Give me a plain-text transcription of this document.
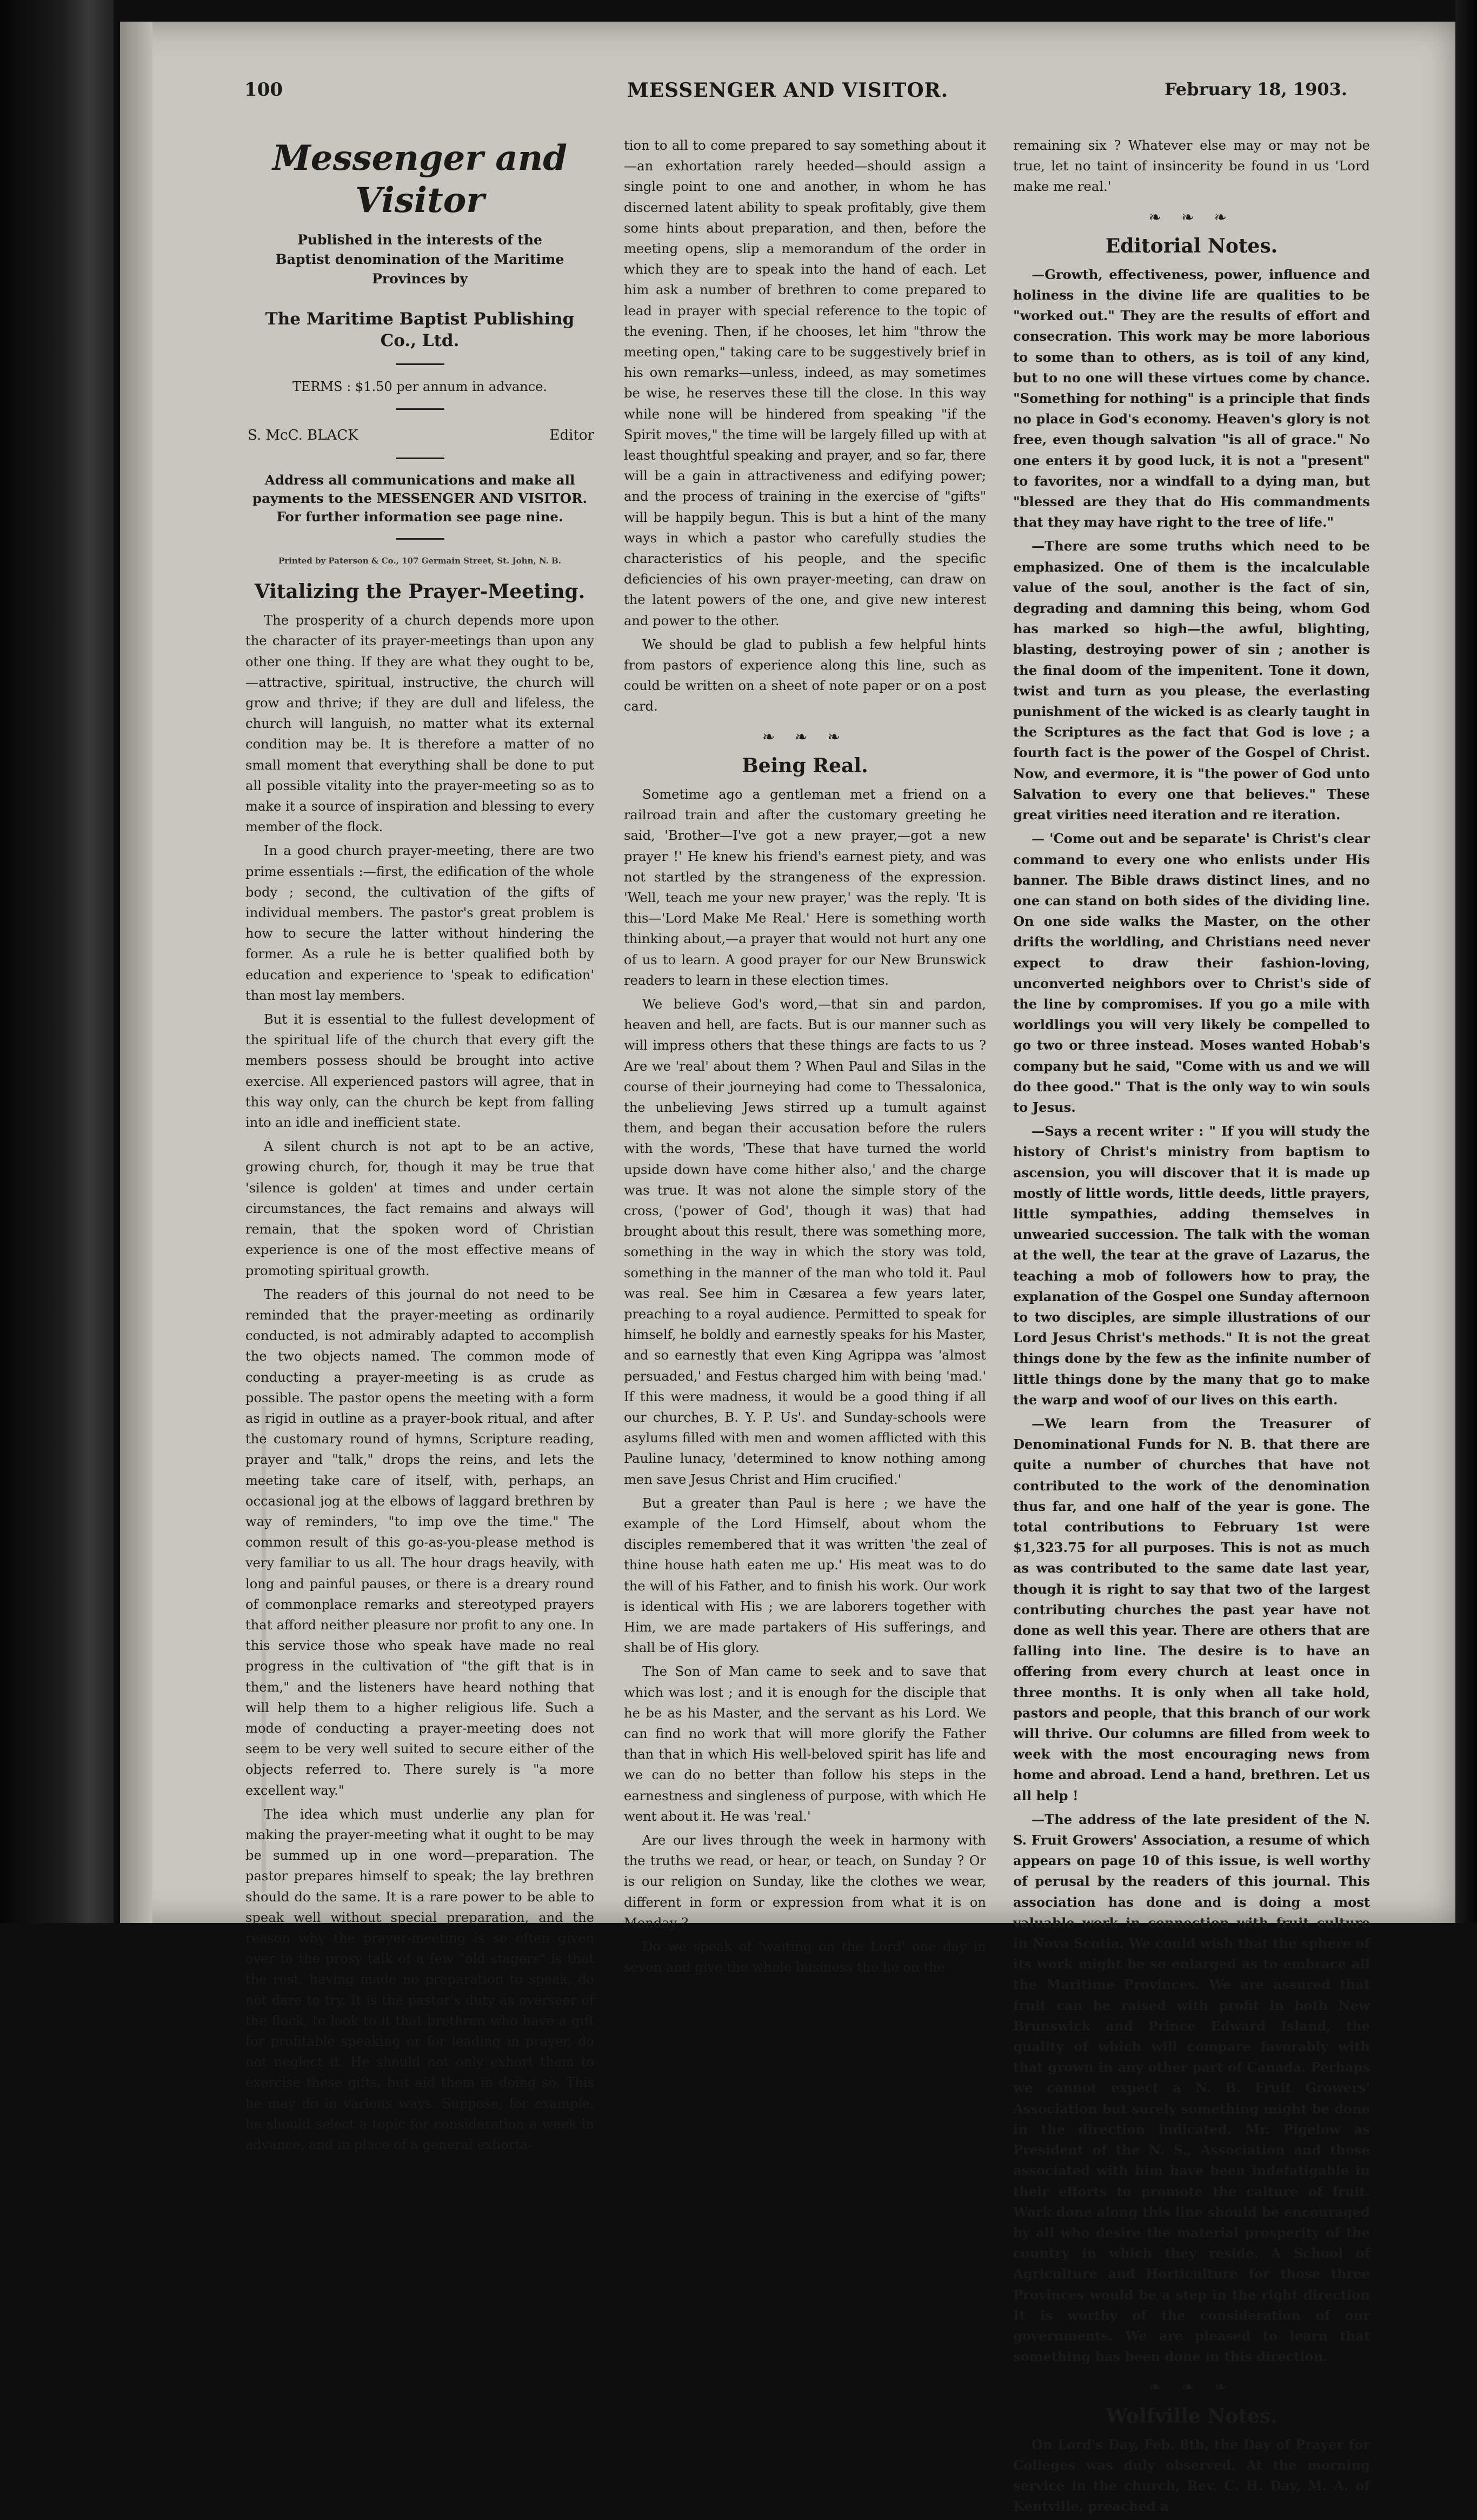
100	MESSENGER AND VISITOR.	February 18, 1903.
Messenger and Visitor
Published in the interests of the Baptist denomination of the Maritime Provinces by
The Maritime Baptist Publishing Co., Ltd.
TERMS : $1.50 per annum in advance.
S. McC. BLACK	Editor
Address all communications and make all payments to the MESSENGER AND VISITOR.
For further information see page nine.
Printed by Paterson & Co., 107 Germain Street, St. John, N. B.
Vitalizing the Prayer-Meeting.

The prosperity of a church depends more upon the character of its prayer-meetings than upon any other one thing. If they are what they ought to be, —attractive, spiritual, instructive, the church will grow and thrive; if they are dull and lifeless, the church will languish, no matter what its external condition may be. It is therefore a matter of no small moment that everything shall be done to put all possible vitality into the prayer-meeting so as to make it a source of inspiration and blessing to every member of the flock.

In a good church prayer-meeting, there are two prime essentials :—first, the edification of the whole body ; second, the cultivation of the gifts of individual members. The pastor's great problem is how to secure the latter without hindering the former. As a rule he is better qualified both by education and experience to 'speak to edification' than most lay members.

But it is essential to the fullest development of the spiritual life of the church that every gift the members possess should be brought into active exercise. All experienced pastors will agree, that in this way only, can the church be kept from falling into an idle and inefficient state.

A silent church is not apt to be an active, growing church, for, though it may be true that 'silence is golden' at times and under certain circumstances, the fact remains and always will remain, that the spoken word of Christian experience is one of the most effective means of promoting spiritual growth.

The readers of this journal do not need to be reminded that the prayer-meeting as ordinarily conducted, is not admirably adapted to accomplish the two objects named. The common mode of conducting a prayer-meeting is as crude as possible. The pastor opens the meeting with a form as rigid in outline as a prayer-book ritual, and after the customary round of hymns, Scripture reading, prayer and "talk," drops the reins, and lets the meeting take care of itself, with, perhaps, an occasional jog at the elbows of laggard brethren by way of reminders, "to imp ove the time." The common result of this go-as-you-please method is very familiar to us all. The hour drags heavily, with long and painful pauses, or there is a dreary round of commonplace remarks and stereotyped prayers that afford neither pleasure nor profit to any one. In this service those who speak have made no real progress in the cultivation of "the gift that is in them," and the listeners have heard nothing that will help them to a higher religious life. Such a mode of conducting a prayer-meeting does not seem to be very well suited to secure either of the objects referred to. There surely is "a more excellent way."

The idea which must underlie any plan for making the prayer-meeting what it ought to be may be summed up in one word—preparation. The pastor prepares himself to speak; the lay brethren should do the same. It is a rare power to be able to speak well without special preparation, and the reason why the prayer-meeting is so often given over to the prosy talk of a few "old stagers" is that the rest, having made no preparation to speak, do not dare to try. It is the pastor's duty as overseer of the flock, to look to it that brethren who have a gift for profitable speaking or for leading in prayer, do not neglect it. He should not only exhort them to exercise these gifts, but aid them in doing so. This he may do in various ways. Suppose, for example, he should select a topic for consideration a week in advance, and in place of a general exhorta-

tion to all to come prepared to say something about it—an exhortation rarely heeded—should assign a single point to one and another, in whom he has discerned latent ability to speak profitably, give them some hints about preparation, and then, before the meeting opens, slip a memorandum of the order in which they are to speak into the hand of each. Let him ask a number of brethren to come prepared to lead in prayer with special reference to the topic of the evening. Then, if he chooses, let him "throw the meeting open," taking care to be suggestively brief in his own remarks—unless, indeed, as may sometimes be wise, he reserves these till the close. In this way while none will be hindered from speaking "if the Spirit moves," the time will be largely filled up with at least thoughtful speaking and prayer, and so far, there will be a gain in attractiveness and edifying power; and the process of training in the exercise of "gifts" will be happily begun. This is but a hint of the many ways in which a pastor who carefully studies the characteristics of his people, and the specific deficiencies of his own prayer-meeting, can draw on the latent powers of the one, and give new interest and power to the other.

We should be glad to publish a few helpful hints from pastors of experience along this line, such as could be written on a sheet of note paper or on a post card.

❧ ❧ ❧
Being Real.

Sometime ago a gentleman met a friend on a railroad train and after the customary greeting he said, 'Brother—I've got a new prayer,—got a new prayer !' He knew his friend's earnest piety, and was not startled by the strangeness of the expression. 'Well, teach me your new prayer,' was the reply. 'It is this—'Lord Make Me Real.' Here is something worth thinking about,—a prayer that would not hurt any one of us to learn. A good prayer for our New Brunswick readers to learn in these election times.

We believe God's word,—that sin and pardon, heaven and hell, are facts. But is our manner such as will impress others that these things are facts to us ? Are we 'real' about them ? When Paul and Silas in the course of their journeying had come to Thessalonica, the unbelieving Jews stirred up a tumult against them, and began their accusation before the rulers with the words, 'These that have turned the world upside down have come hither also,' and the charge was true. It was not alone the simple story of the cross, ('power of God', though it was) that had brought about this result, there was something more, something in the way in which the story was told, something in the manner of the man who told it. Paul was real. See him in Cæsarea a few years later, preaching to a royal audience. Permitted to speak for himself, he boldly and earnestly speaks for his Master, and so earnestly that even King Agrippa was 'almost persuaded,' and Festus charged him with being 'mad.' If this were madness, it would be a good thing if all our churches, B. Y. P. Us'. and Sunday-schools were asylums filled with men and women afflicted with this Pauline lunacy, 'determined to know nothing among men save Jesus Christ and Him crucified.'

But a greater than Paul is here ; we have the example of the Lord Himself, about whom the disciples remembered that it was written 'the zeal of thine house hath eaten me up.' His meat was to do the will of his Father, and to finish his work. Our work is identical with His ; we are laborers together with Him, we are made partakers of His sufferings, and shall be of His glory.

The Son of Man came to seek and to save that which was lost ; and it is enough for the disciple that he be as his Master, and the servant as his Lord. We can find no work that will more glorify the Father than that in which His well-beloved spirit has life and we can do no better than follow his steps in the earnestness and singleness of purpose, with which He went about it. He was 'real.'

Are our lives through the week in harmony with the truths we read, or hear, or teach, on Sunday ? Or is our religion on Sunday, like the clothes we wear, different in form or expression from what it is on Monday ?

Do we speak of 'waiting on the Lord' one day in seven and give the whole business the lie on the

remaining six ? Whatever else may or may not be true, let no taint of insincerity be found in us 'Lord make me real.'

❧ ❧ ❧
Editorial Notes.

—Growth, effectiveness, power, influence and holiness in the divine life are qualities to be "worked out." They are the results of effort and consecration. This work may be more laborious to some than to others, as is toil of any kind, but to no one will these virtues come by chance. "Something for nothing" is a principle that finds no place in God's economy. Heaven's glory is not free, even though salvation "is all of grace." No one enters it by good luck, it is not a "present" to favorites, nor a windfall to a dying man, but "blessed are they that do His commandments that they may have right to the tree of life."

—There are some truths which need to be emphasized. One of them is the incalculable value of the soul, another is the fact of sin, degrading and damning this being, whom God has marked so high—the awful, blighting, blasting, destroying power of sin ; another is the final doom of the impenitent. Tone it down, twist and turn as you please, the everlasting punishment of the wicked is as clearly taught in the Scriptures as the fact that God is love ; a fourth fact is the power of the Gospel of Christ. Now, and evermore, it is "the power of God unto Salvation to every one that believes." These great virities need iteration and re iteration.

— 'Come out and be separate' is Christ's clear command to every one who enlists under His banner. The Bible draws distinct lines, and no one can stand on both sides of the dividing line. On one side walks the Master, on the other drifts the worldling, and Christians need never expect to draw their fashion-loving, unconverted neighbors over to Christ's side of the line by compromises. If you go a mile with worldlings you will very likely be compelled to go two or three instead. Moses wanted Hobab's company but he said, "Come with us and we will do thee good." That is the only way to win souls to Jesus.

—Says a recent writer : " If you will study the history of Christ's ministry from baptism to ascension, you will discover that it is made up mostly of little words, little deeds, little prayers, little sympathies, adding themselves in unwearied succession. The talk with the woman at the well, the tear at the grave of Lazarus, the teaching a mob of followers how to pray, the explanation of the Gospel one Sunday afternoon to two disciples, are simple illustrations of our Lord Jesus Christ's methods." It is not the great things done by the few as the infinite number of little things done by the many that go to make the warp and woof of our lives on this earth.

—We learn from the Treasurer of Denominational Funds for N. B. that there are quite a number of churches that have not contributed to the work of the denomination thus far, and one half of the year is gone. The total contributions to February 1st were $1,323.75 for all purposes. This is not as much as was contributed to the same date last year, though it is right to say that two of the largest contributing churches the past year have not done as well this year. There are others that are falling into line. The desire is to have an offering from every church at least once in three months. It is only when all take hold, pastors and people, that this branch of our work will thrive. Our columns are filled from week to week with the most encouraging news from home and abroad. Lend a hand, brethren. Let us all help !

—The address of the late president of the N. S. Fruit Growers' Association, a resume of which appears on page 10 of this issue, is well worthy of perusal by the readers of this journal. This association has done and is doing a most valuable work in connection with fruit culture in Nova Scotia. We could wish that the sphere of its work might be so enlarged as to embrace all the Maritime Provinces. We are assured that fruit can be raised with profit in both New Brunswick and Prince Edward Island, the quality of which will compare favorably with that grown in any other part of Canada. Perhaps we cannot expect a N. B. Fruit Growers' Association but surely something might be done in the direction indicated. Mr. Pigelow as President of the N. S., Association and those associated with him have been indefatigable in their efforts to promote the calture of fruit. Work done along this line should be encouraged by all who desire the material prosperity of the country in which they reside. A School of Agriculture and Horticulture for those three Provinces would be a step in the right direction It is worthy of the consideration of our governments. We are pleased to learn that something has been done in this direction.

❧ ❧ ❧
Wolfville Notes.

On Lord's Day, Feb. 8th, the Day of Prayer for Colleges was duly observed. At the morning service in the church, Rev. C. H. Day, M. A. of Kentville, preached a
